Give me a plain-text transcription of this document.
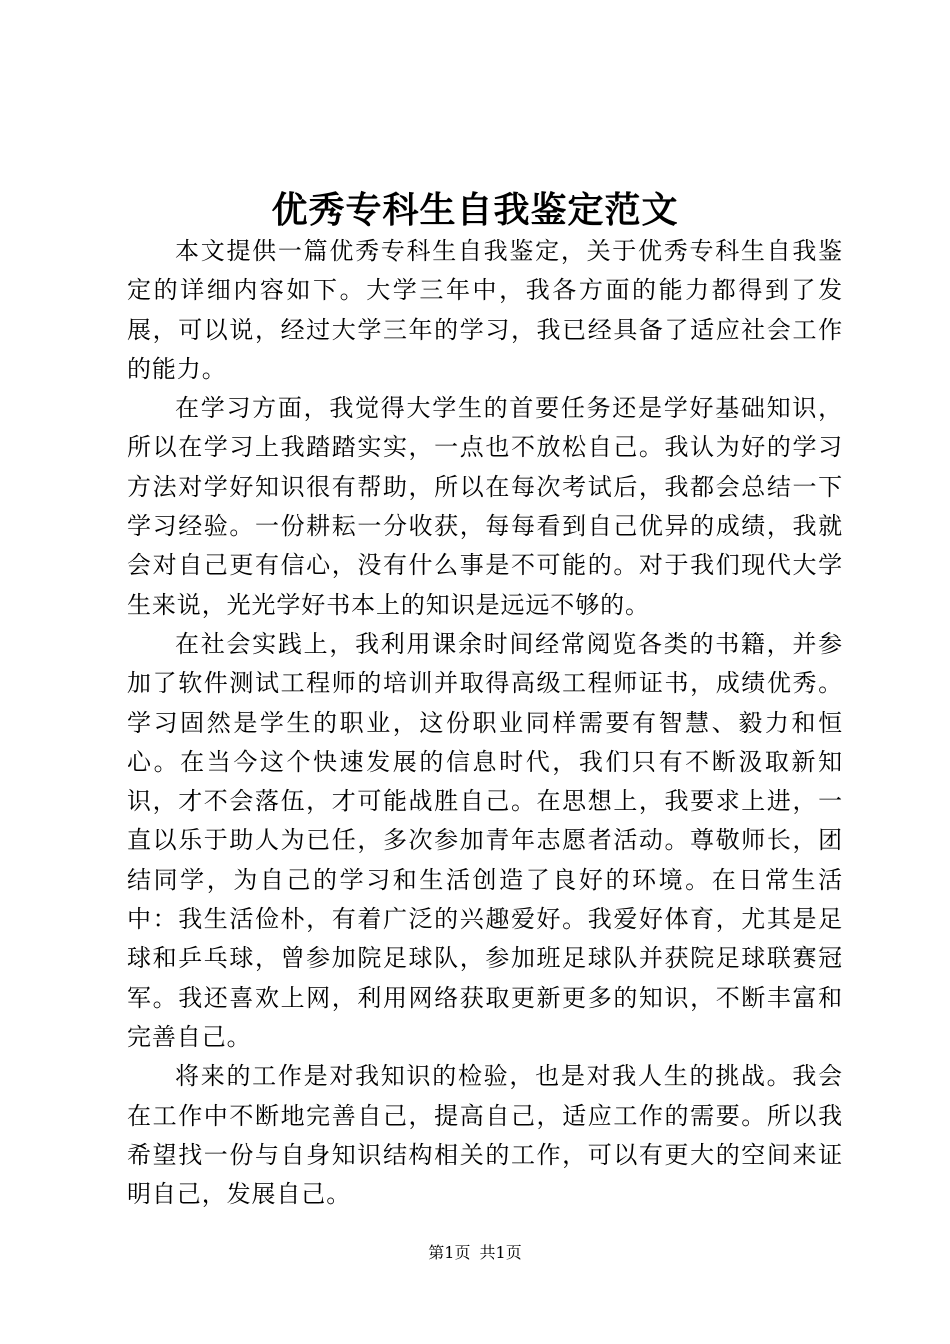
优秀专科生自我鉴定范文

本文提供一篇优秀专科生自我鉴定，关于优秀专科生自我鉴定的详细内容如下。大学三年中，我各方面的能力都得到了发展，可以说，经过大学三年的学习，我已经具备了适应社会工作的能力。

在学习方面，我觉得大学生的首要任务还是学好基础知识，所以在学习上我踏踏实实，一点也不放松自己。我认为好的学习方法对学好知识很有帮助，所以在每次考试后，我都会总结一下学习经验。一份耕耘一分收获，每每看到自己优异的成绩，我就会对自己更有信心，没有什么事是不可能的。对于我们现代大学生来说，光光学好书本上的知识是远远不够的。

在社会实践上，我利用课余时间经常阅览各类的书籍，并参加了软件测试工程师的培训并取得高级工程师证书，成绩优秀。学习固然是学生的职业，这份职业同样需要有智慧、毅力和恒心。在当今这个快速发展的信息时代，我们只有不断汲取新知识，才不会落伍，才可能战胜自己。在思想上，我要求上进，一直以乐于助人为已任，多次参加青年志愿者活动。尊敬师长，团结同学，为自己的学习和生活创造了良好的环境。在日常生活中：我生活俭朴，有着广泛的兴趣爱好。我爱好体育，尤其是足球和乒乓球，曾参加院足球队，参加班足球队并获院足球联赛冠军。我还喜欢上网，利用网络获取更新更多的知识，不断丰富和完善自己。

将来的工作是对我知识的检验，也是对我人生的挑战。我会在工作中不断地完善自己，提高自己，适应工作的需要。所以我希望找一份与自身知识结构相关的工作，可以有更大的空间来证明自己，发展自己。

第1页 共1页
